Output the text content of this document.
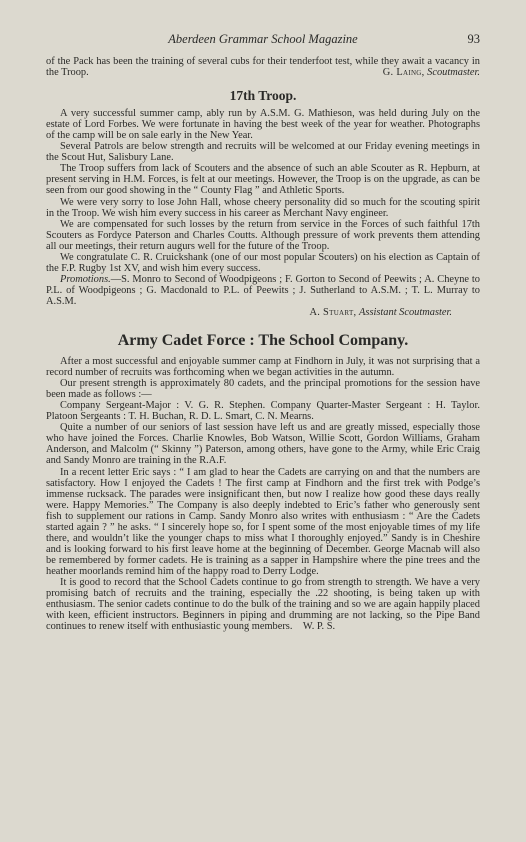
Aberdeen Grammar School Magazine	93

of the Pack has been the training of several cubs for their tenderfoot test, while they await a vacancy in the Troop.	G. Laing, Scoutmaster.
17th Troop.

A very successful summer camp, ably run by A.S.M. G. Mathieson, was held during July on the estate of Lord Forbes. We were fortunate in having the best week of the year for weather. Photographs of the camp will be on sale early in the New Year.

Several Patrols are below strength and recruits will be welcomed at our Friday evening meetings in the Scout Hut, Salisbury Lane.

The Troop suffers from lack of Scouters and the absence of such an able Scouter as R. Hepburn, at present serving in H.M. Forces, is felt at our meetings. However, the Troop is on the upgrade, as can be seen from our good showing in the “ County Flag ” and Athletic Sports.

We were very sorry to lose John Hall, whose cheery personality did so much for the scouting spirit in the Troop. We wish him every success in his career as Merchant Navy engineer.

We are compensated for such losses by the return from service in the Forces of such faithful 17th Scouters as Fordyce Paterson and Charles Coutts. Although pressure of work prevents them attending all our meetings, their return augurs well for the future of the Troop.

We congratulate C. R. Cruickshank (one of our most popular Scouters) on his election as Captain of the F.P. Rugby 1st XV, and wish him every success.

Promotions.—S. Monro to Second of Woodpigeons ; F. Gorton to Second of Peewits ; A. Cheyne to P.L. of Woodpigeons ; G. Macdonald to P.L. of Peewits ; J. Sutherland to A.S.M. ; T. L. Murray to A.S.M.

A. Stuart, Assistant Scoutmaster.
Army Cadet Force : The School Company.

After a most successful and enjoyable summer camp at Findhorn in July, it was not surprising that a record number of recruits was forthcoming when we began activities in the autumn.

Our present strength is approximately 80 cadets, and the principal promotions for the session have been made as follows :—

Company Sergeant-Major : V. G. R. Stephen. Company Quarter-Master Sergeant : H. Taylor. Platoon Sergeants : T. H. Buchan, R. D. L. Smart, C. N. Mearns.

Quite a number of our seniors of last session have left us and are greatly missed, especially those who have joined the Forces. Charlie Knowles, Bob Watson, Willie Scott, Gordon Williams, Graham Anderson, and Malcolm (“ Skinny ”) Paterson, among others, have gone to the Army, while Eric Craig and Sandy Monro are training in the R.A.F.

In a recent letter Eric says : “ I am glad to hear the Cadets are carrying on and that the numbers are satisfactory. How I enjoyed the Cadets ! The first camp at Findhorn and the first trek with Podge’s immense rucksack. The parades were insignificant then, but now I realize how good these days really were. Happy Memories.” The Company is also deeply indebted to Eric’s father who generously sent fish to supplement our rations in Camp. Sandy Monro also writes with enthusiasm : “ Are the Cadets started again ? ” he asks. “ I sincerely hope so, for I spent some of the most enjoyable times of my life there, and wouldn’t like the younger chaps to miss what I thoroughly enjoyed.” Sandy is in Cheshire and is looking forward to his first leave home at the beginning of December. George Macnab will also be remembered by former cadets. He is training as a sapper in Hampshire where the pine trees and the heather moorlands remind him of the happy road to Derry Lodge.

It is good to record that the School Cadets continue to go from strength to strength. We have a very promising batch of recruits and the training, especially the .22 shooting, is being taken up with enthusiasm. The senior cadets continue to do the bulk of the training and so we are again happily placed with keen, efficient instructors. Beginners in piping and drumming are not lacking, so the Pipe Band continues to renew itself with enthusiastic young members. W. P. S.
